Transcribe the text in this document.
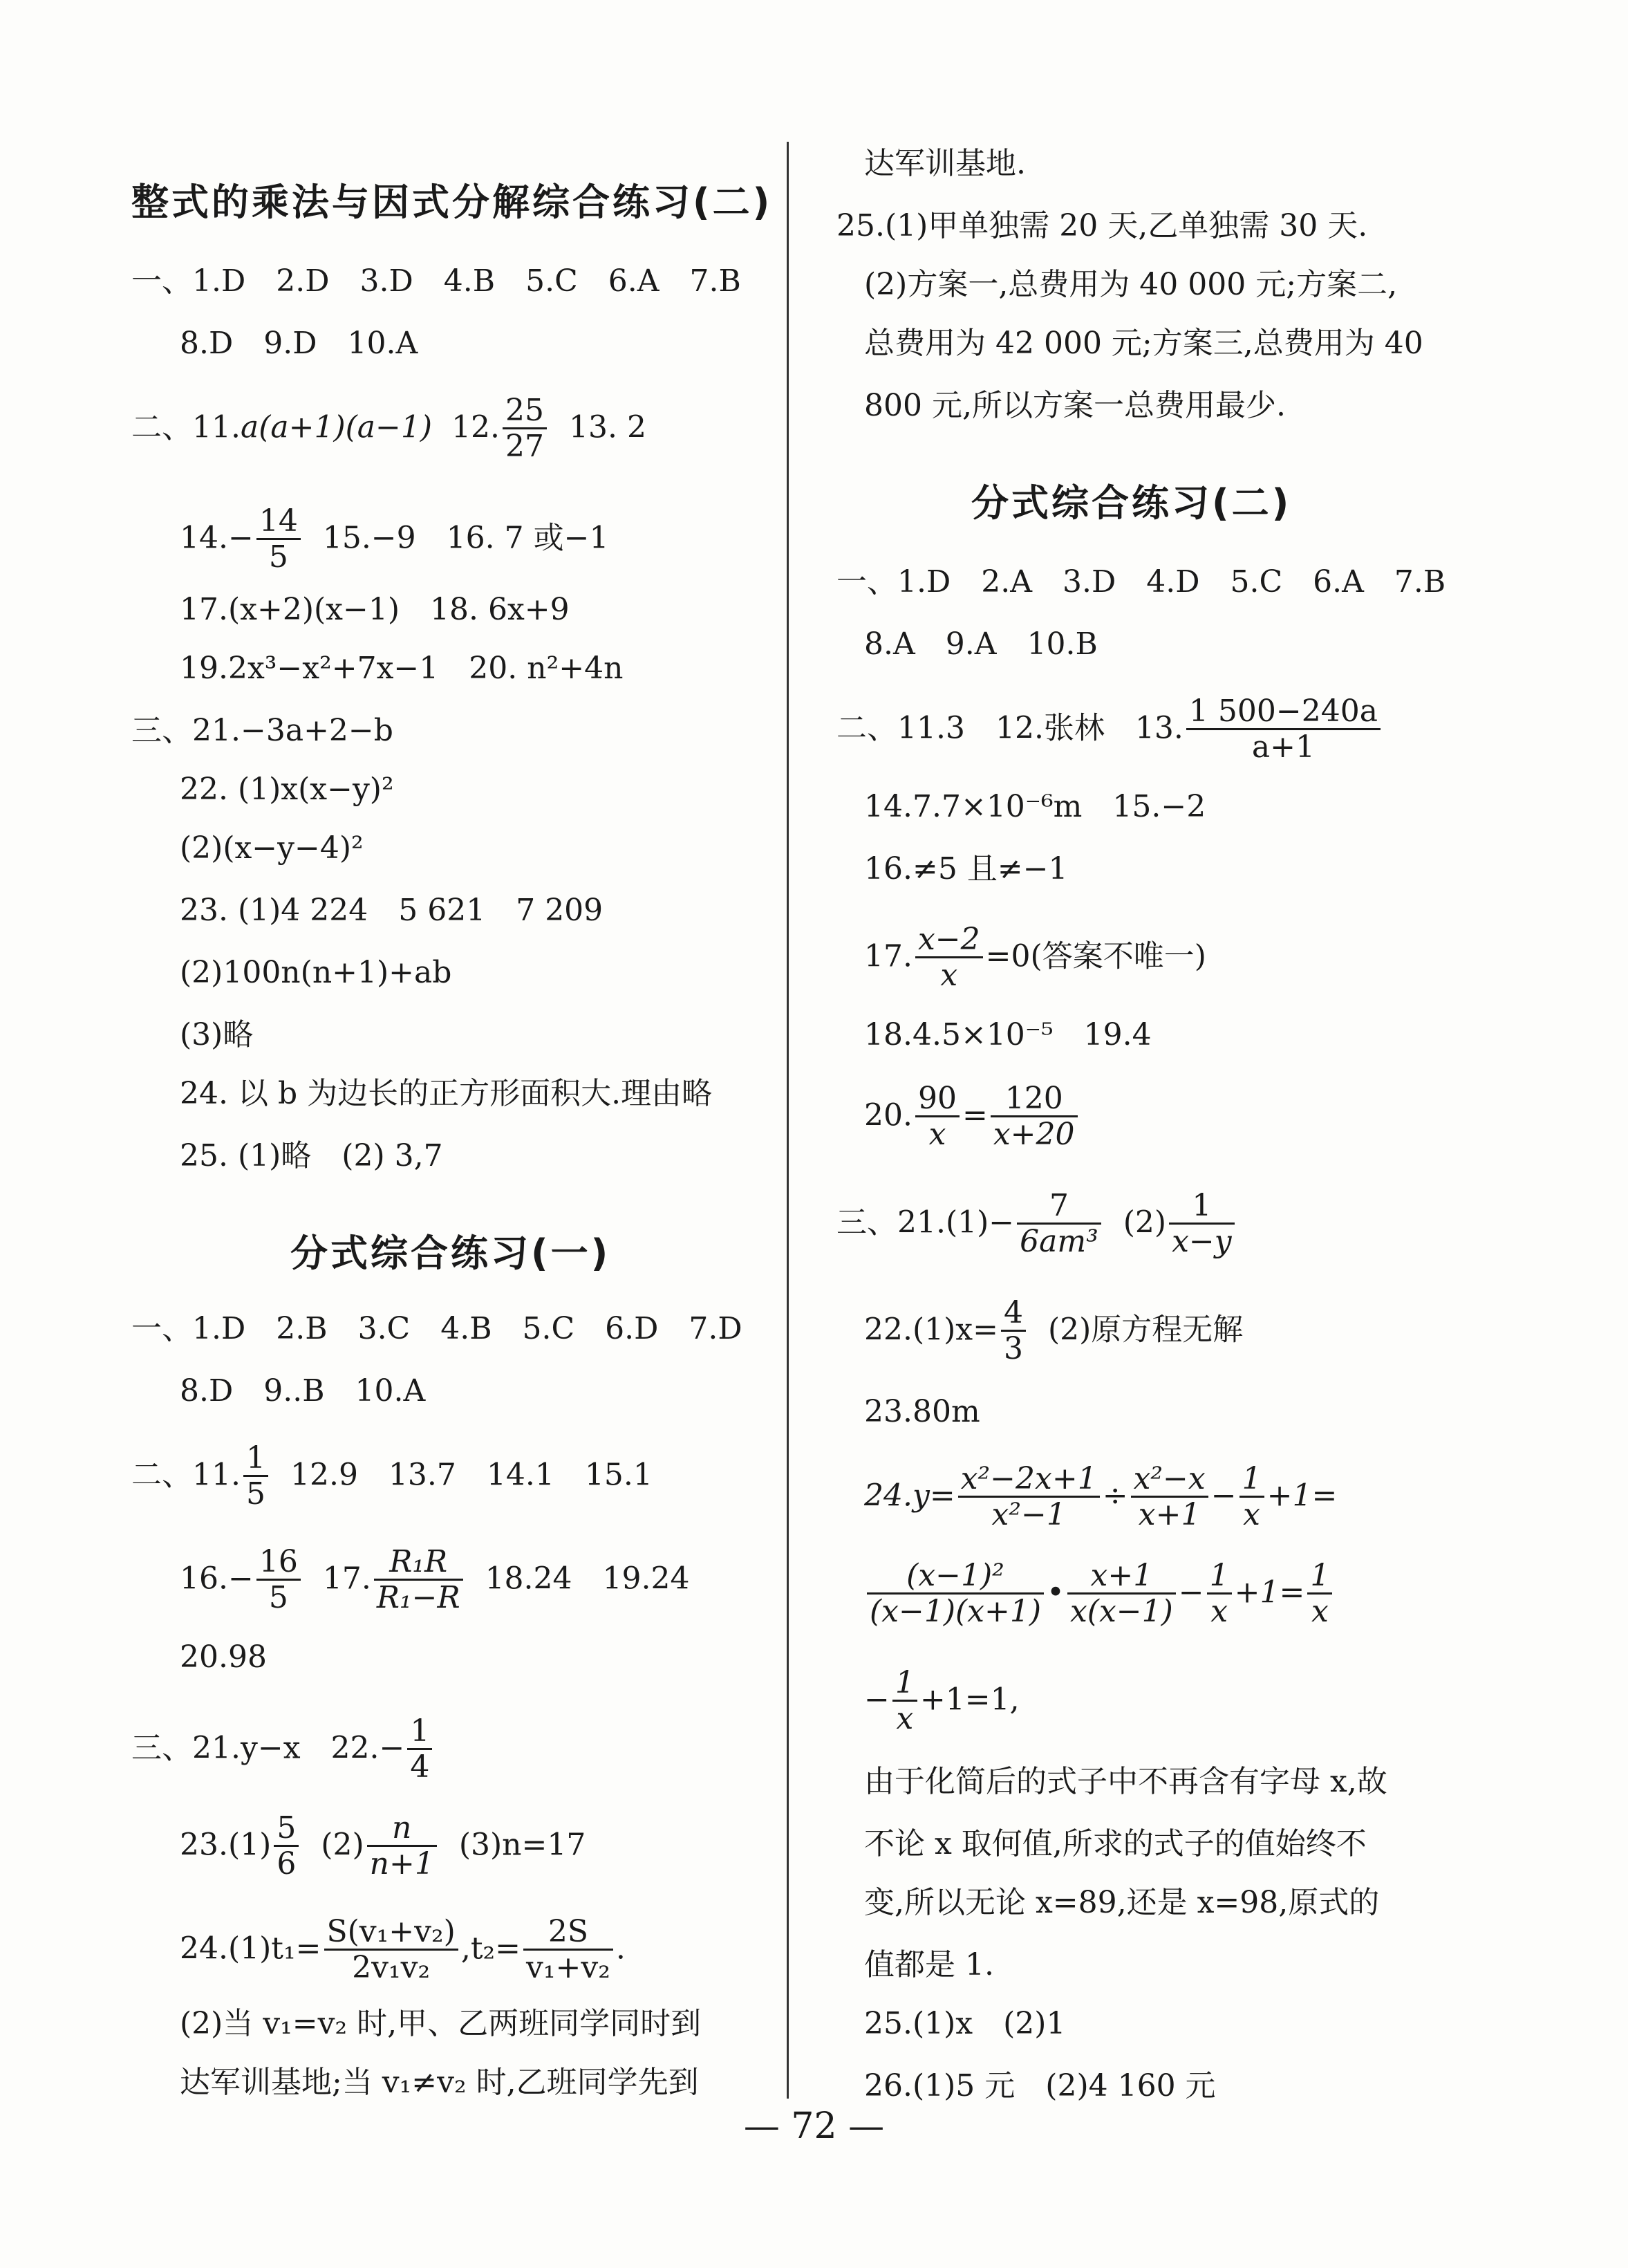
整式的乘法与因式分解综合练习(二)
一、1.D　2.D　3.D　4.B　5.C　6.A　7.B
8.D　9.D　10.A
二、11.a(a+1)(a−1) 12. $\frac{25}{27} 13$. 2
$14.- \frac{14}{5} 15.-9$　16. 7 或−1
17.(x+2)(x−1)　18. 6x+9
19.2x³−x²+7x−1　20. n²+4n
三、21.−3a+2−b
22. (1)x(x−y)²
(2)(x−y−4)²
23. (1)4 224　5 621　7 209
(2)100n(n+1)+ab
(3)略
24. 以 b 为边长的正方形面积大.理由略
25. (1)略　(2) 3,7
分式综合练习(一)
一、1.D　2.B　3.C　4.B　5.C　6.D　7.D
8.D　9..B　10.A
二、11. $\frac{1}{5} 12.9$　13.7　14.1　15.1
$16.- \frac{16}{5} 17$. $\frac{\text{R₁R}}{\text{R₁−R}} 18.24$　19.24
20.98
三、21.y−x　$22.- \frac{1}{4}$
$23.(1) \frac{5}{6} (2) \frac{n}{n+1} (3)n=17$
$24.(1)t_1= \frac{\text{S(v₁+v₂)}}{\text{2v₁v₂}} ,t_2= \frac{2S}{\text{v₁+v₂}}$ .
(2)当 v₁=v₂ 时,甲、乙两班同学同时到
达军训基地;当 v₁≠v₂ 时,乙班同学先到
达军训基地.
25.(1)甲单独需 20 天,乙单独需 30 天.
(2)方案一,总费用为 40 000 元;方案二,
总费用为 42 000 元;方案三,总费用为 40
800 元,所以方案一总费用最少.
分式综合练习(二)
一、1.D　2.A　3.D　4.D　5.C　6.A　7.B
8.A　9.A　10.B
二、11.3　12.张林　13. $\frac{1 500-240a}{a+1}$
14.7.7×10⁻⁶m　15.−2
16.≠5 且≠−1
17. $\frac{x-2}{x} =0$(答案不唯一)
18.4.5×10⁻⁵　19.4
20. $\frac{90}{x} = \frac{120}{x+20}$
三、$21.(1)- \frac{7}{\text{6am³}} (2) \frac{1}{x-y}$
$22.(1)x= \frac{4}{3} (2)$原方程无解
23.80m
$24.y= \frac{\text{x²−2x+1}}{\text{x²−1}} \div \frac{\text{x²−x}}{x+1} - \frac{1}{x} +1=$
$\frac{\text{(x−1)²}}{(x-1)(x+1)}$ • $\frac{x+1}{x(x-1)} - \frac{1}{x} +1= \frac{1}{x}$
− $\frac{1}{x} +1=1$,
由于化简后的式子中不再含有字母 x,故
不论 x 取何值,所求的式子的值始终不
变,所以无论 x=89,还是 x=98,原式的
值都是 1.
25.(1)x　(2)1
26.(1)5 元　(2)4 160 元
— 72 —
